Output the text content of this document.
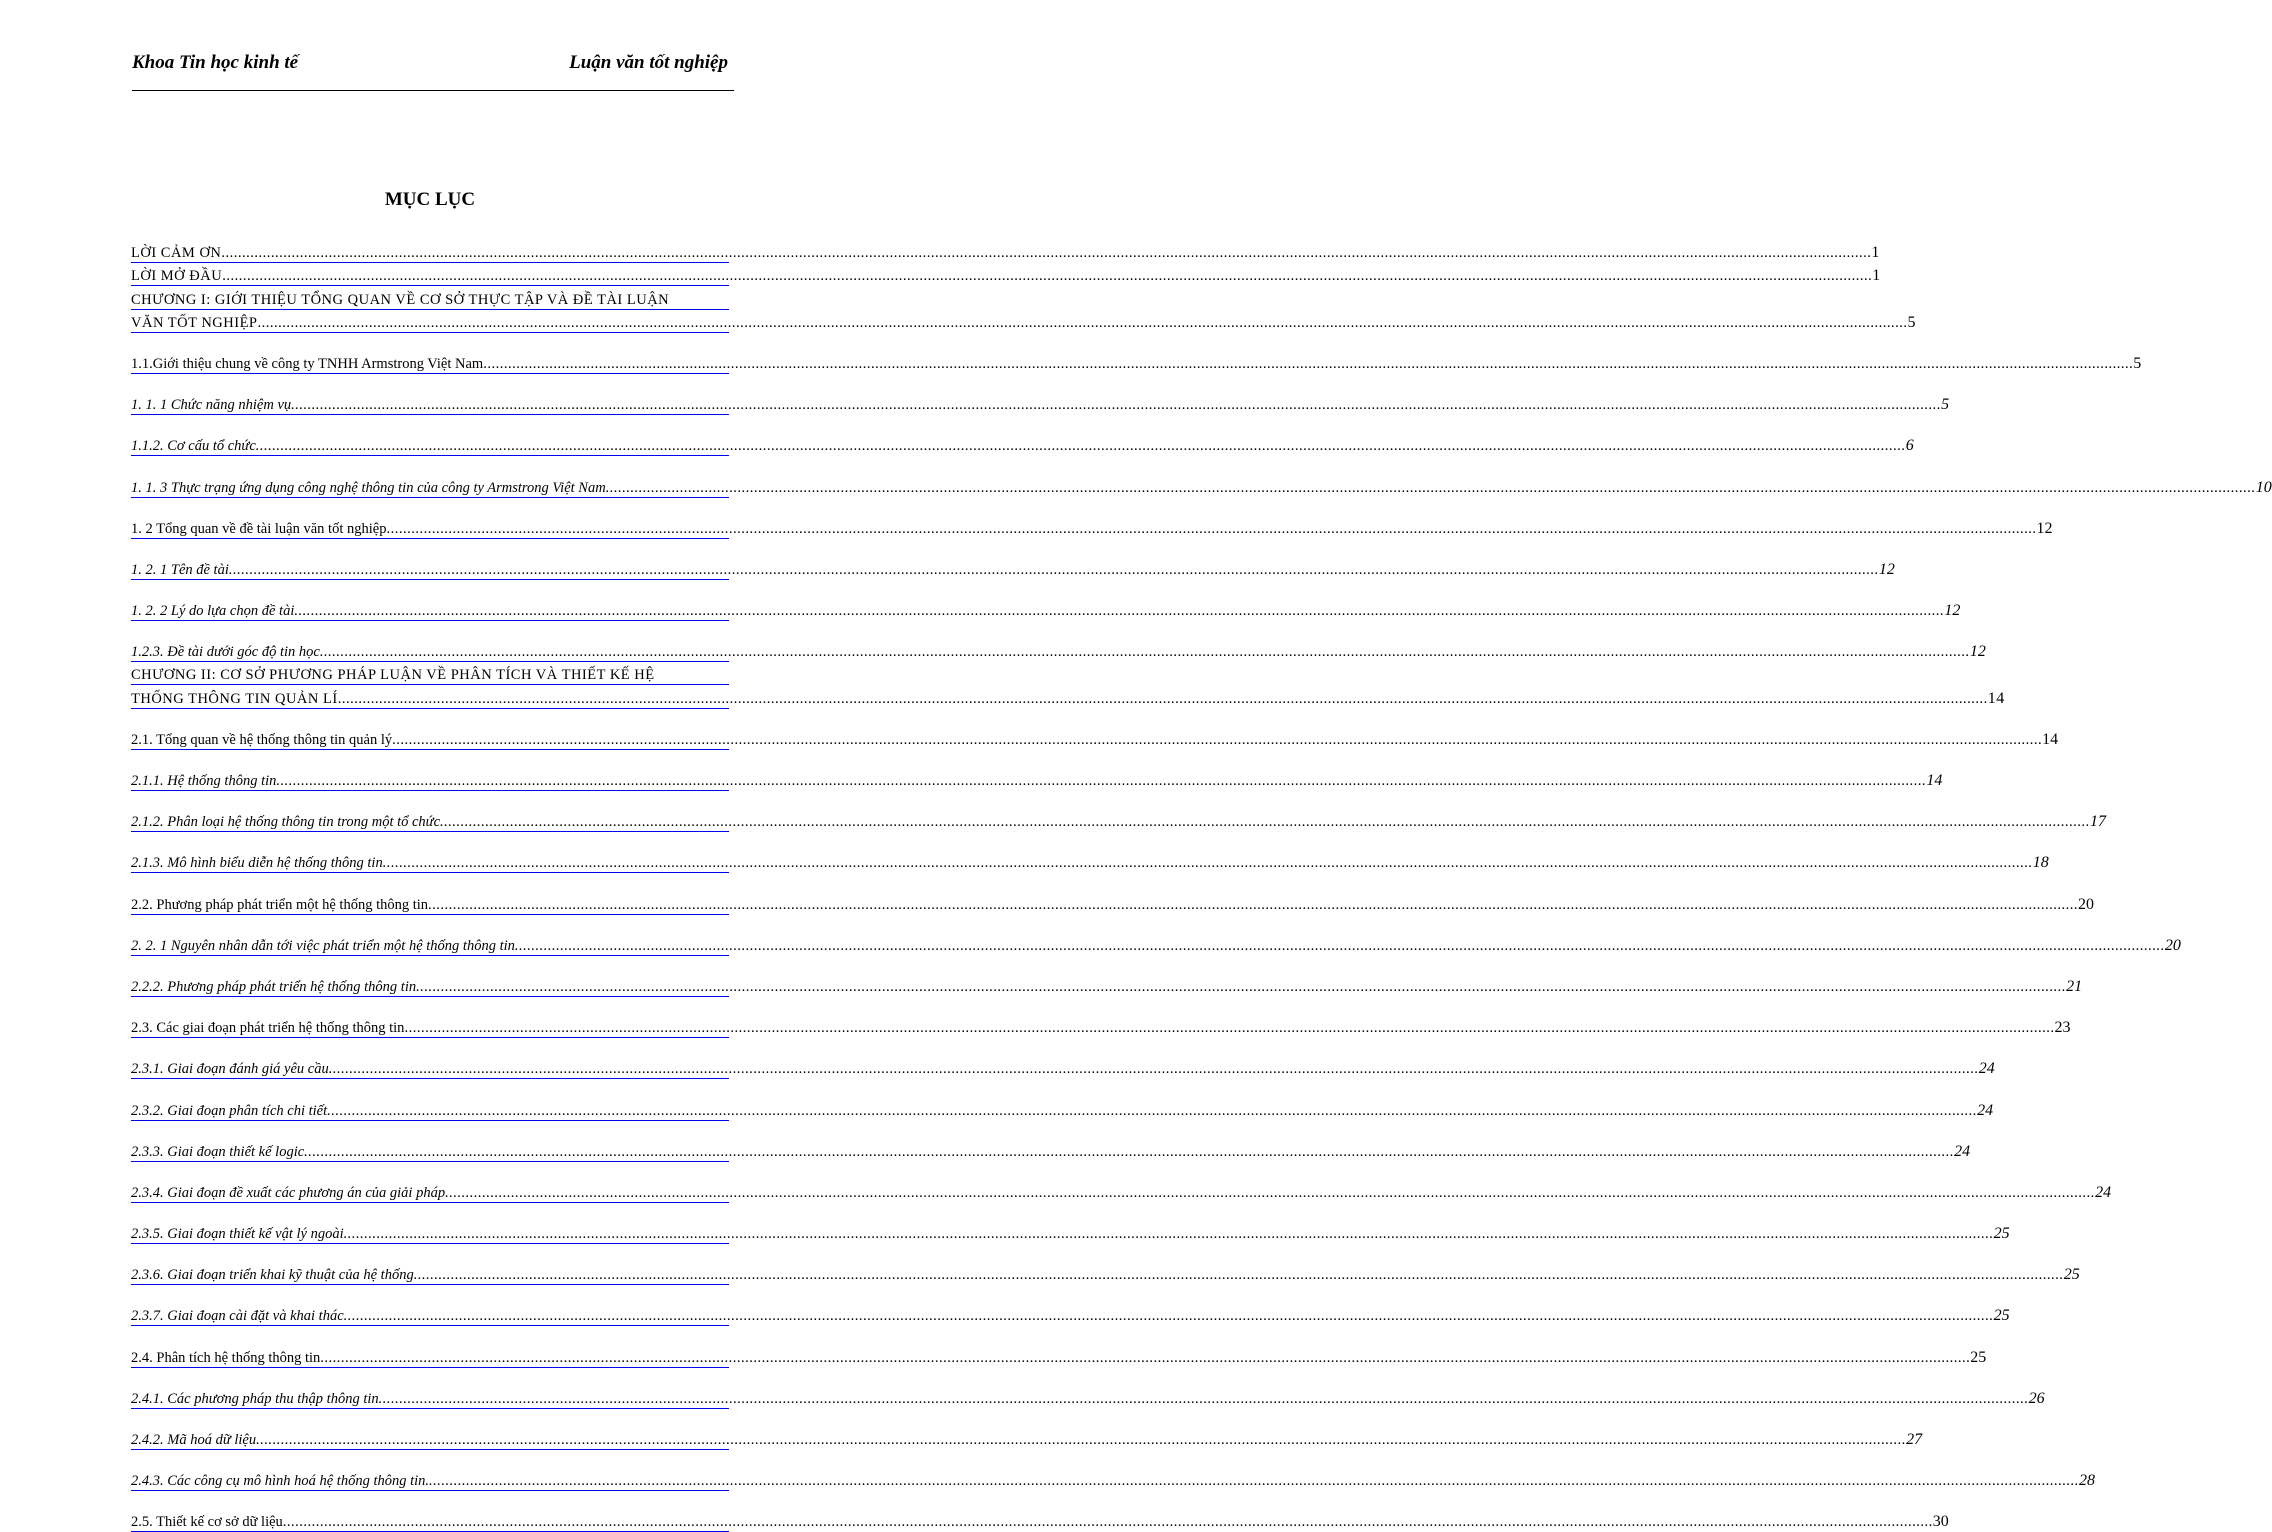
Khoa Tin học kinh tế	Luận văn tốt nghiệp
MỤC LỤC
LỜI CẢM ƠN ................................................................................................................................................................................................................................................................................................................................................................................................................ 1
LỜI MỞ ĐẦU ................................................................................................................................................................................................................................................................................................................................................................................................................ 1
CHƯƠNG I: GIỚI THIỆU TỔNG QUAN VỀ CƠ SỞ THỰC TẬP VÀ ĐỀ TÀI LUẬN
VĂN TỐT NGHIỆP ................................................................................................................................................................................................................................................................................................................................................................................................................ 5
1.1.Giới thiệu chung về công ty TNHH Armstrong Việt Nam ................................................................................................................................................................................................................................................................................................................................................................................................................ 5
1. 1. 1 Chức năng nhiệm vụ ................................................................................................................................................................................................................................................................................................................................................................................................................ 5
1.1.2. Cơ cấu tổ chức ................................................................................................................................................................................................................................................................................................................................................................................................................ 6
1. 1. 3 Thực trạng ứng dụng công nghệ thông tin của công ty Armstrong Việt Nam ................................................................................................................................................................................................................................................................................................................................................................................................................ 10
1. 2 Tổng quan về đề tài luận văn tốt nghiệp ................................................................................................................................................................................................................................................................................................................................................................................................................ 12
1. 2. 1 Tên đề tài ................................................................................................................................................................................................................................................................................................................................................................................................................ 12
1. 2. 2 Lý do lựa chọn đề tài ................................................................................................................................................................................................................................................................................................................................................................................................................ 12
1.2.3. Đề tài dưới góc độ tin học ................................................................................................................................................................................................................................................................................................................................................................................................................ 12
CHƯƠNG II: CƠ SỞ PHƯƠNG PHÁP LUẬN VỀ PHÂN TÍCH VÀ THIẾT KẾ HỆ
THỐNG THÔNG TIN QUẢN LÍ ................................................................................................................................................................................................................................................................................................................................................................................................................ 14
2.1. Tổng quan về hệ thống thông tin quản lý ................................................................................................................................................................................................................................................................................................................................................................................................................ 14
2.1.1. Hệ thống thông tin ................................................................................................................................................................................................................................................................................................................................................................................................................ 14
2.1.2. Phân loại hệ thống thông tin trong một tổ chức ................................................................................................................................................................................................................................................................................................................................................................................................................ 17
2.1.3. Mô hình biểu diễn hệ thống thông tin ................................................................................................................................................................................................................................................................................................................................................................................................................ 18
2.2. Phương pháp phát triển một hệ thống thông tin ................................................................................................................................................................................................................................................................................................................................................................................................................ 20
2. 2. 1 Nguyên nhân dẫn tới việc phát triển một hệ thống thông tin ................................................................................................................................................................................................................................................................................................................................................................................................................ 20
2.2.2. Phương pháp phát triển hệ thống thông tin ................................................................................................................................................................................................................................................................................................................................................................................................................ 21
2.3. Các giai đoạn phát triển hệ thống thông tin ................................................................................................................................................................................................................................................................................................................................................................................................................ 23
2.3.1. Giai đoạn đánh giá yêu cầu ................................................................................................................................................................................................................................................................................................................................................................................................................ 24
2.3.2. Giai đoạn phân tích chi tiết ................................................................................................................................................................................................................................................................................................................................................................................................................ 24
2.3.3. Giai đoạn thiết kế logic ................................................................................................................................................................................................................................................................................................................................................................................................................ 24
2.3.4. Giai đoạn đề xuất các phương án của giải pháp ................................................................................................................................................................................................................................................................................................................................................................................................................ 24
2.3.5. Giai đoạn thiết kế vật lý ngoài ................................................................................................................................................................................................................................................................................................................................................................................................................ 25
2.3.6. Giai đoạn triển khai kỹ thuật của hệ thống ................................................................................................................................................................................................................................................................................................................................................................................................................ 25
2.3.7. Giai đoạn cài đặt và khai thác ................................................................................................................................................................................................................................................................................................................................................................................................................ 25
2.4. Phân tích hệ thống thông tin ................................................................................................................................................................................................................................................................................................................................................................................................................ 25
2.4.1. Các phương pháp thu thập thông tin ................................................................................................................................................................................................................................................................................................................................................................................................................ 26
2.4.2. Mã hoá dữ liệu ................................................................................................................................................................................................................................................................................................................................................................................................................ 27
2.4.3. Các công cụ mô hình hoá hệ thống thông tin. ................................................................................................................................................................................................................................................................................................................................................................................................................ 28
2.5. Thiết kế cơ sở dữ liệu ................................................................................................................................................................................................................................................................................................................................................................................................................ 30
